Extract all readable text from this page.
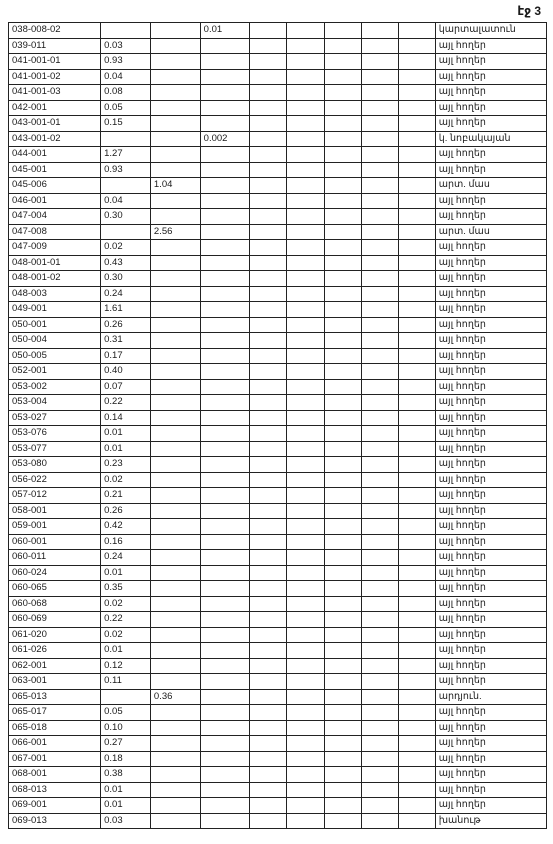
էջ 3
038-008-02			0.01						կարտալատուն
039-011	0.03								այլ հողեր
041-001-01	0.93								այլ հողեր
041-001-02	0.04								այլ հողեր
041-001-03	0.08								այլ հողեր
042-001	0.05								այլ հողեր
043-001-01	0.15								այլ հողեր
043-001-02			0.002						կ. նոբակայան
044-001	1.27								այլ հողեր
045-001	0.93								այլ հողեր
045-006		1.04							արտ. մաս
046-001	0.04								այլ հողեր
047-004	0.30								այլ հողեր
047-008		2.56							արտ. մաս
047-009	0.02								այլ հողեր
048-001-01	0.43								այլ հողեր
048-001-02	0.30								այլ հողեր
048-003	0.24								այլ հողեր
049-001	1.61								այլ հողեր
050-001	0.26								այլ հողեր
050-004	0.31								այլ հողեր
050-005	0.17								այլ հողեր
052-001	0.40								այլ հողեր
053-002	0.07								այլ հողեր
053-004	0.22								այլ հողեր
053-027	0.14								այլ հողեր
053-076	0.01								այլ հողեր
053-077	0.01								այլ հողեր
053-080	0.23								այլ հողեր
056-022	0.02								այլ հողեր
057-012	0.21								այլ հողեր
058-001	0.26								այլ հողեր
059-001	0.42								այլ հողեր
060-001	0.16								այլ հողեր
060-011	0.24								այլ հողեր
060-024	0.01								այլ հողեր
060-065	0.35								այլ հողեր
060-068	0.02								այլ հողեր
060-069	0.22								այլ հողեր
061-020	0.02								այլ հողեր
061-026	0.01								այլ հողեր
062-001	0.12								այլ հողեր
063-001	0.11								այլ հողեր
065-013		0.36							արդյուն.
065-017	0.05								այլ հողեր
065-018	0.10								այլ հողեր
066-001	0.27								այլ հողեր
067-001	0.18								այլ հողեր
068-001	0.38								այլ հողեր
068-013	0.01								այլ հողեր
069-001	0.01								այլ հողեր
069-013	0.03								խանութ
